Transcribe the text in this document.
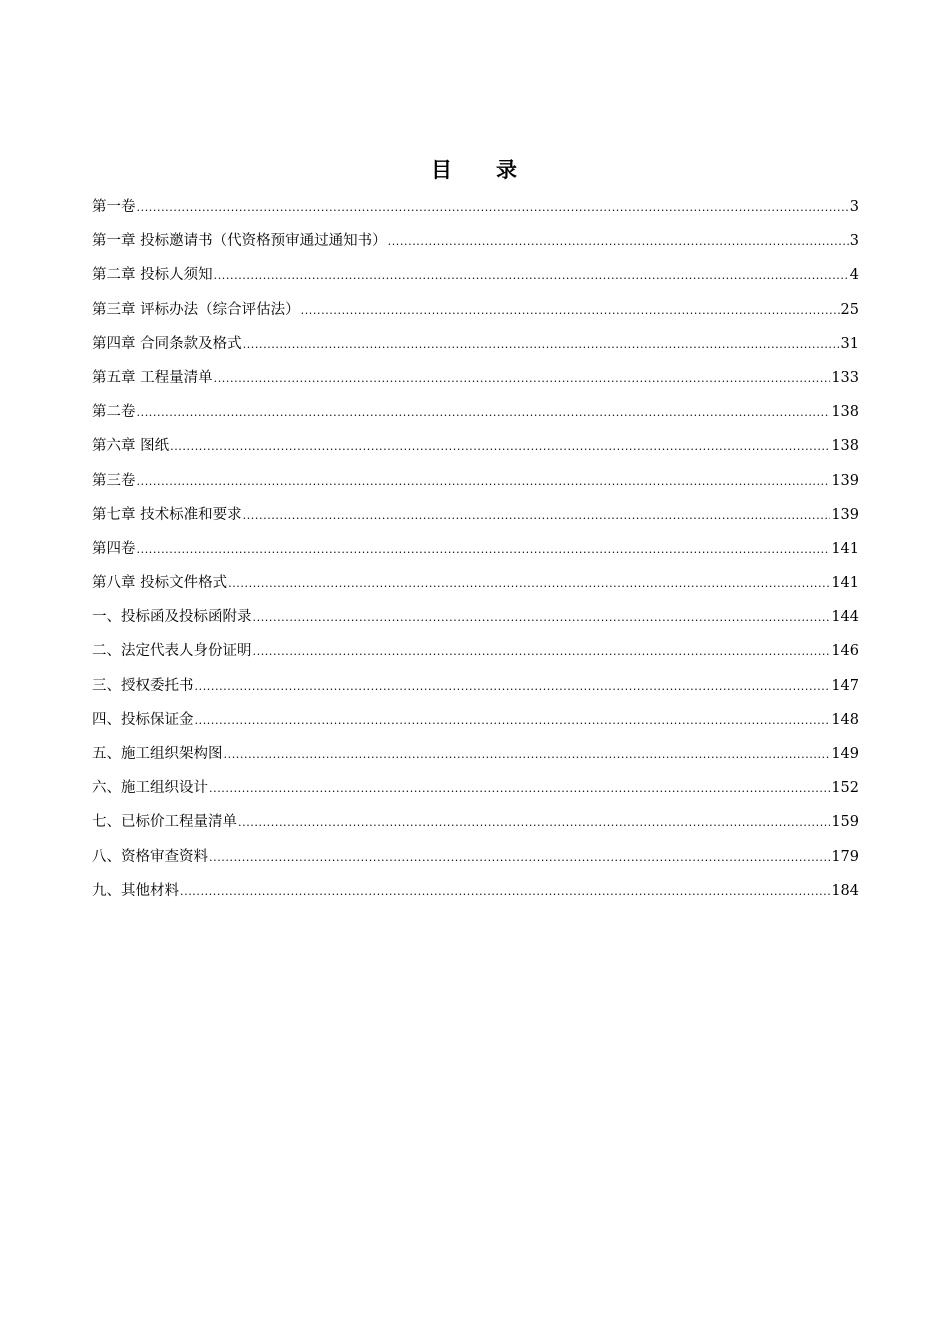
目 录
第一卷 .....	3
第一章 投标邀请书（代资格预审通过通知书） .....	3
第二章 投标人须知 .....	4
第三章 评标办法（综合评估法） .....	25
第四章 合同条款及格式 .....	31
第五章 工程量清单 .....	133
第二卷 .....	138
第六章 图纸 .....	138
第三卷 .....	139
第七章 技术标准和要求 .....	139
第四卷 .....	141
第八章 投标文件格式 .....	141
一、投标函及投标函附录 .....	144
二、法定代表人身份证明 .....	146
三、授权委托书 .....	147
四、投标保证金 .....	148
五、施工组织架构图 .....	149
六、施工组织设计 .....	152
七、已标价工程量清单 .....	159
八、资格审查资料 .....	179
九、其他材料 .....	184
